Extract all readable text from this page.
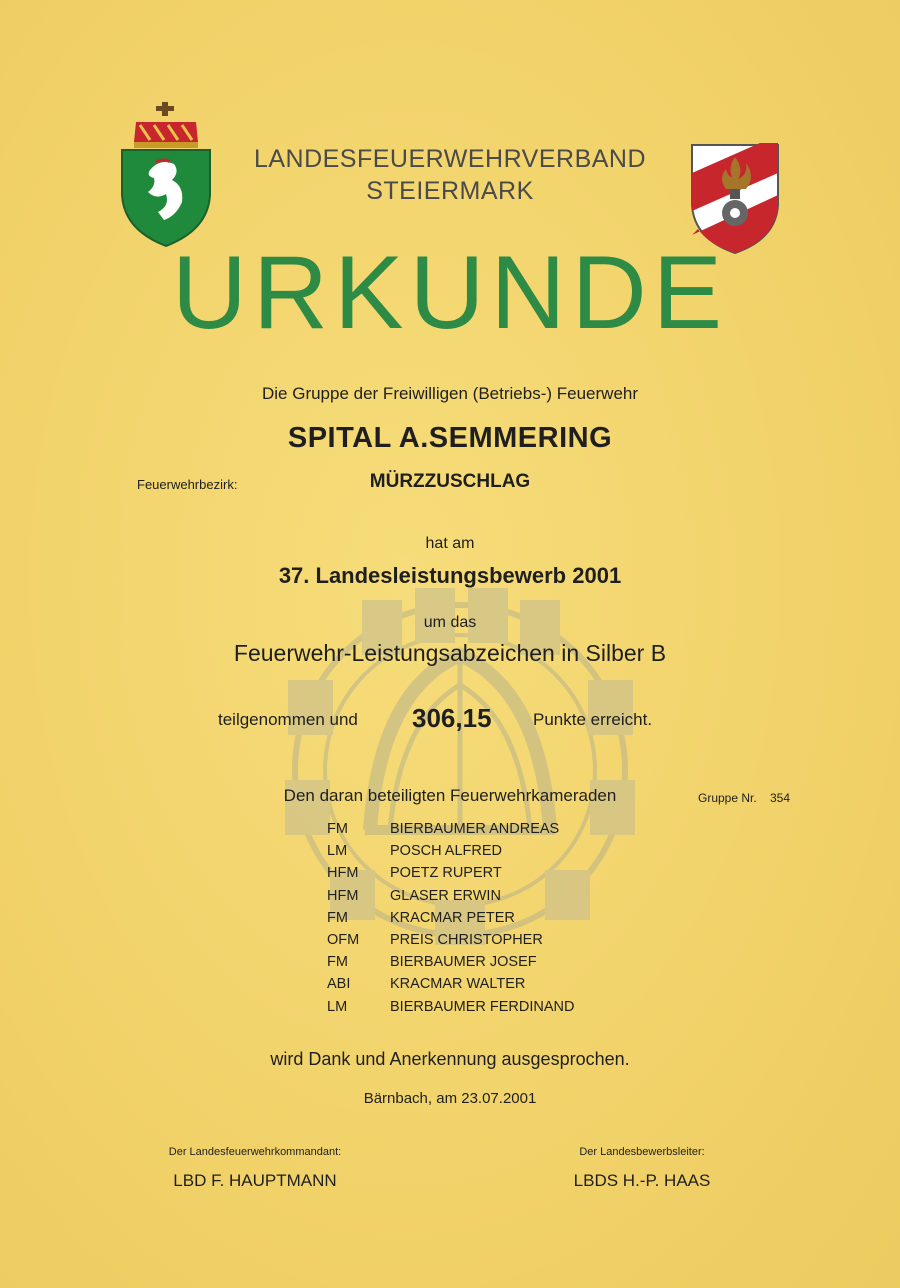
LANDESFEUERWEHRVERBAND
STEIERMARK
URKUNDE
Die Gruppe der Freiwilligen (Betriebs-) Feuerwehr
SPITAL A.SEMMERING
Feuerwehrbezirk:	MÜRZZUSCHLAG
hat am
37. Landesleistungsbewerb 2001
um das
Feuerwehr-Leistungsabzeichen in Silber B
teilgenommen und 306,15 Punkte erreicht.
Den daran beteiligten Feuerwehrkameraden	Gruppe Nr. 354
FM	BIERBAUMER ANDREAS
LM	POSCH ALFRED
HFM	POETZ RUPERT
HFM	GLASER ERWIN
FM	KRACMAR PETER
OFM	PREIS CHRISTOPHER
FM	BIERBAUMER JOSEF
ABI	KRACMAR WALTER
LM	BIERBAUMER FERDINAND
wird Dank und Anerkennung ausgesprochen.
Bärnbach, am 23.07.2001
Der Landesfeuerwehrkommandant:
LBD F. HAUPTMANN
Der Landesbewerbsleiter:
LBDS H.-P. HAAS
